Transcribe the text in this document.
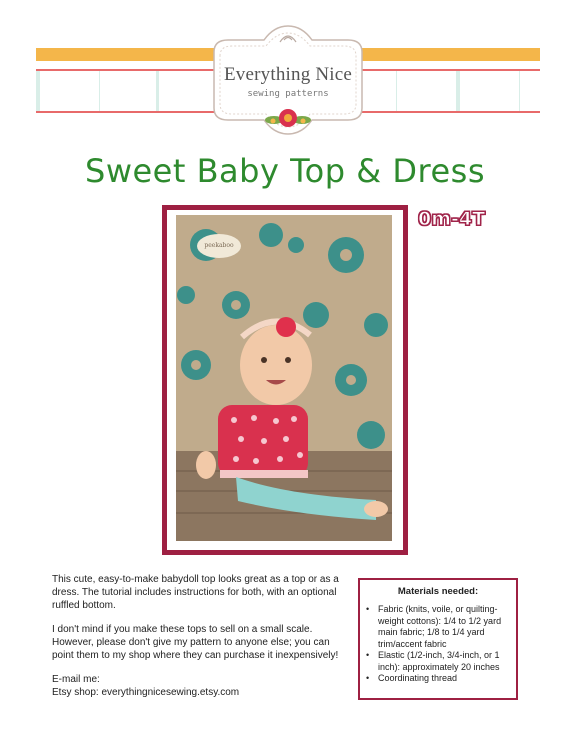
Everything Nice
sewing patterns
Sweet Baby Top & Dress
0m-4T
peekaboo

This cute, easy-to-make babydoll top looks great as a top or as a dress. The tutorial includes instructions for both, with an optional ruffled bottom.

I don't mind if you make these tops to sell on a small scale. However, please don't give my pattern to anyone else; you can point them to my shop where they can purchase it inexpensively!

E-mail me:
Etsy shop: everythingnicesewing.etsy.com
Materials needed:
• Fabric (knits, voile, or quilting-weight cottons): 1/4 to 1/2 yard main fabric; 1/8 to 1/4 yard trim/accent fabric
• Elastic (1/2-inch, 3/4-inch, or 1 inch): approximately 20 inches
• Coordinating thread
